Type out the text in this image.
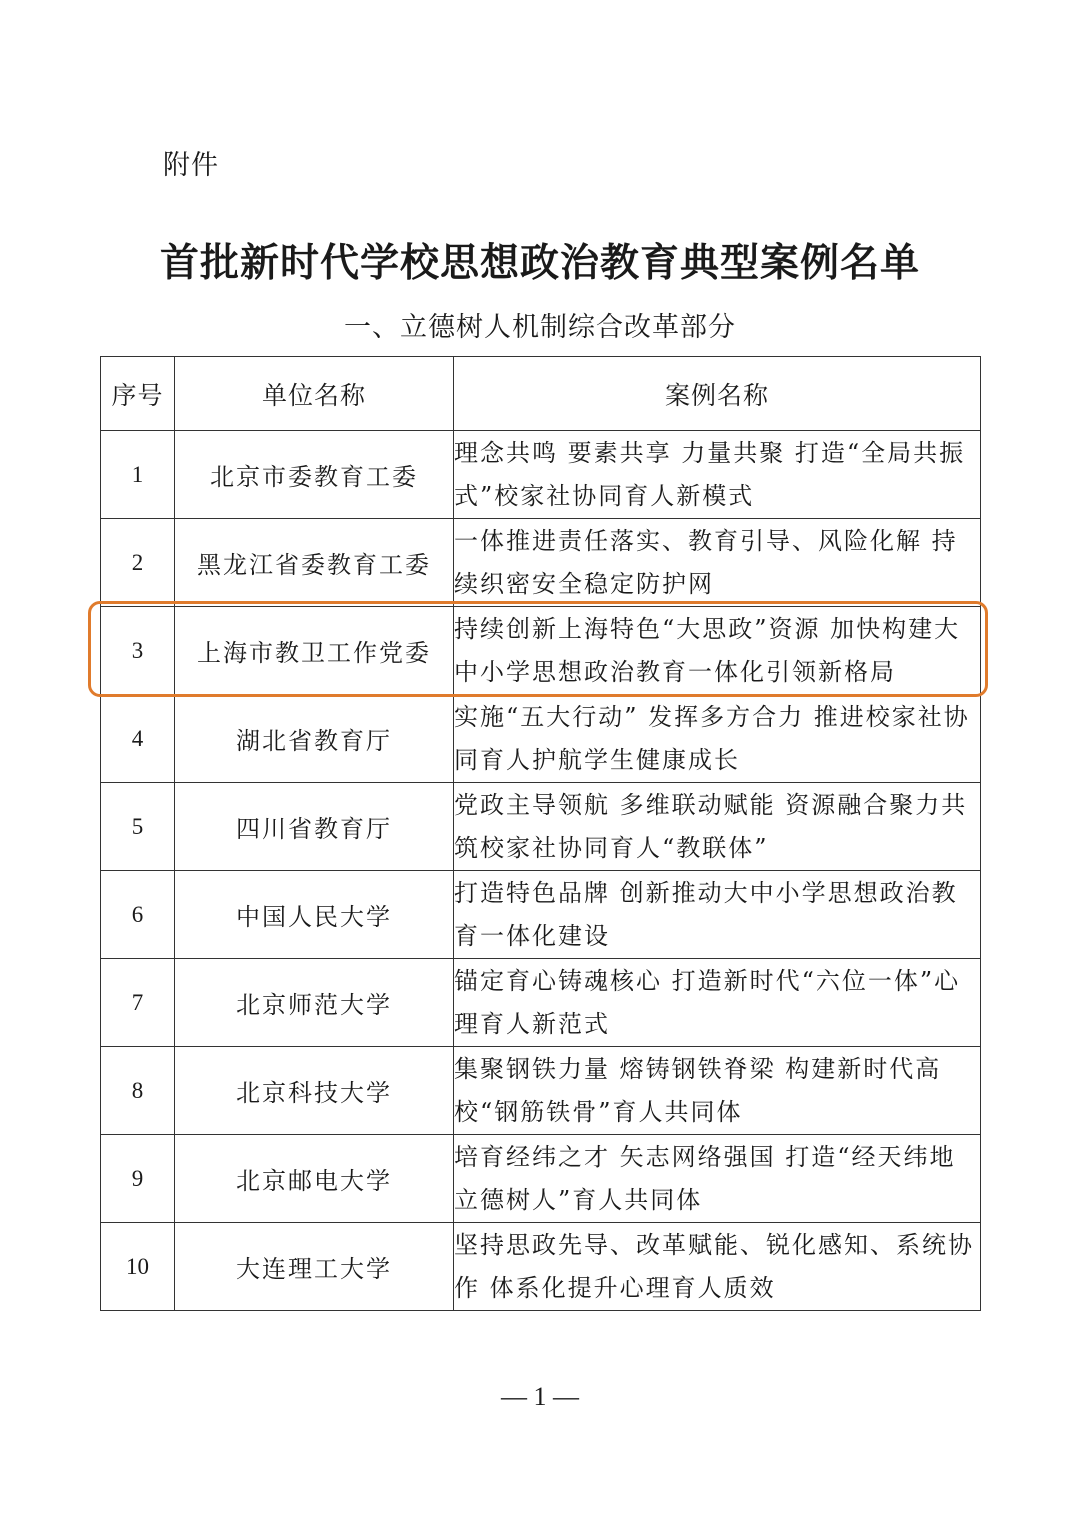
附件
首批新时代学校思想政治教育典型案例名单
一、立德树人机制综合改革部分
序号	单位名称	案例名称
1	北京市委教育工委	理念共鸣 要素共享 力量共聚 打造“全局共振式”校家社协同育人新模式
2	黑龙江省委教育工委	一体推进责任落实、教育引导、风险化解 持续织密安全稳定防护网
3	上海市教卫工作党委	持续创新上海特色“大思政”资源 加快构建大中小学思想政治教育一体化引领新格局
4	湖北省教育厅	实施“五大行动” 发挥多方合力 推进校家社协同育人护航学生健康成长
5	四川省教育厅	党政主导领航 多维联动赋能 资源融合聚力共筑校家社协同育人“教联体”
6	中国人民大学	打造特色品牌 创新推动大中小学思想政治教育一体化建设
7	北京师范大学	锚定育心铸魂核心 打造新时代“六位一体”心理育人新范式
8	北京科技大学	集聚钢铁力量 熔铸钢铁脊梁 构建新时代高校“钢筋铁骨”育人共同体
9	北京邮电大学	培育经纬之才 矢志网络强国 打造“经天纬地立德树人”育人共同体
10	大连理工大学	坚持思政先导、改革赋能、锐化感知、系统协作 体系化提升心理育人质效
— 1 —
